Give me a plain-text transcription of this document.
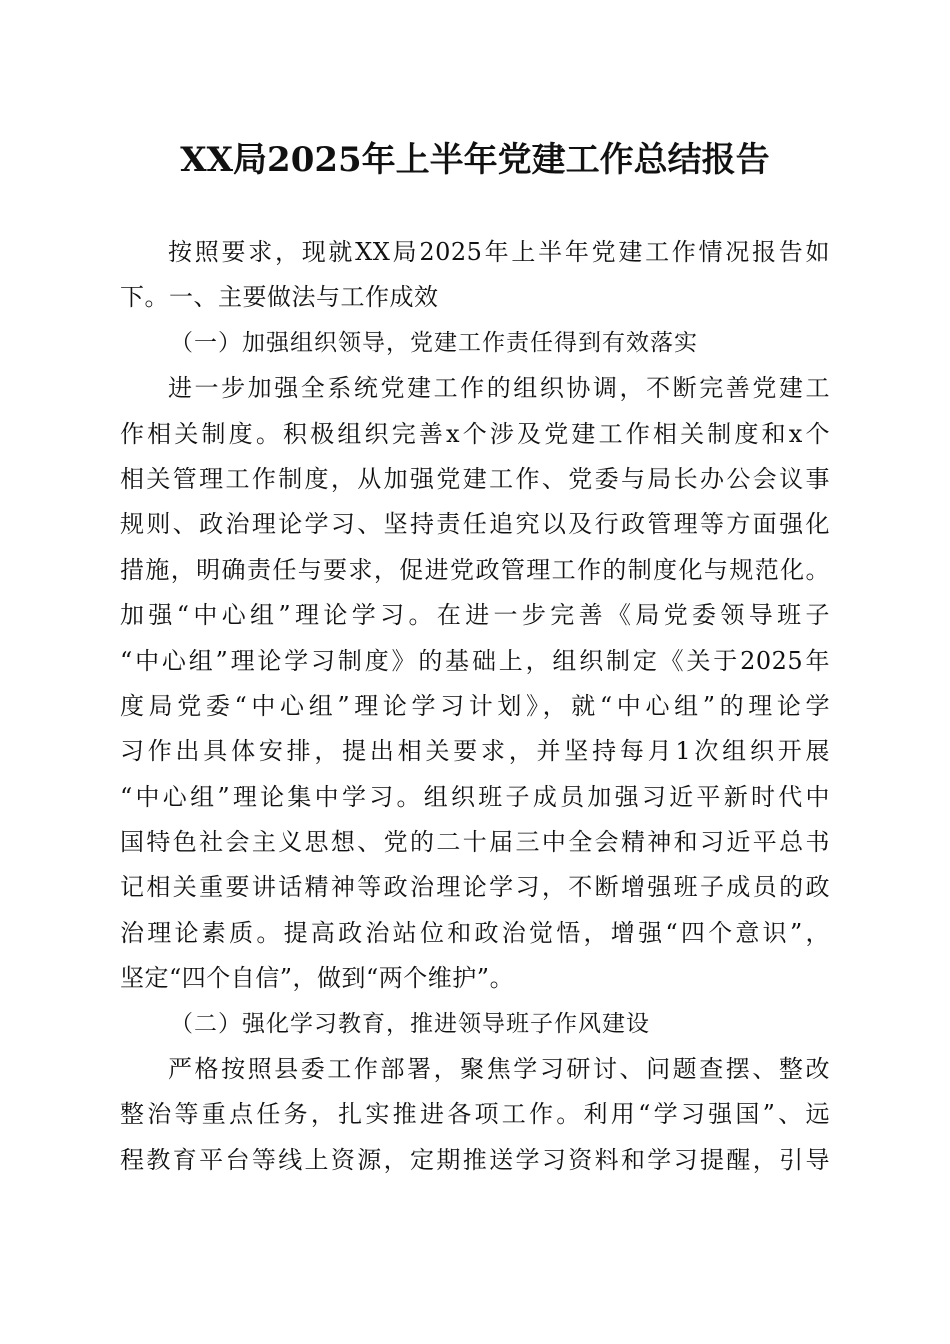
XX局2025年上半年党建工作总结报告
按照要求，现就XX局2025年上半年党建工作情况报告如
下。一、主要做法与工作成效
（一）加强组织领导，党建工作责任得到有效落实
进一步加强全系统党建工作的组织协调，不断完善党建工
作相关制度。积极组织完善x个涉及党建工作相关制度和x个
相关管理工作制度，从加强党建工作、党委与局长办公会议事
规则、政治理论学习、坚持责任追究以及行政管理等方面强化
措施，明确责任与要求，促进党政管理工作的制度化与规范化。
加强“中心组”理论学习。在进一步完善《局党委领导班子
“中心组”理论学习制度》的基础上，组织制定《关于2025年
度局党委“中心组”理论学习计划》，就“中心组”的理论学
习作出具体安排，提出相关要求，并坚持每月1次组织开展
“中心组”理论集中学习。组织班子成员加强习近平新时代中
国特色社会主义思想、党的二十届三中全会精神和习近平总书
记相关重要讲话精神等政治理论学习，不断增强班子成员的政
治理论素质。提高政治站位和政治觉悟，增强“四个意识”，
坚定“四个自信”，做到“两个维护”。
（二）强化学习教育，推进领导班子作风建设
严格按照县委工作部署，聚焦学习研讨、问题查摆、整改
整治等重点任务，扎实推进各项工作。利用“学习强国”、远
程教育平台等线上资源，定期推送学习资料和学习提醒，引导
